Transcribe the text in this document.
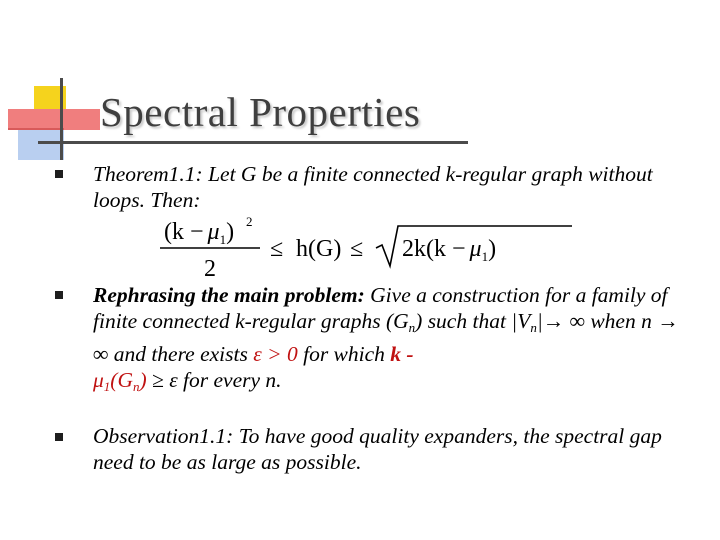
Spectral Properties
Theorem1.1: Let G be a finite connected k-regular graph without loops. Then:
$(k - \mu_1)$ 2
2
≤ $h(G) \le 2k(k - \mu_1)$
Rephrasing the main problem: Give a construction for a family of finite connected k-regular graphs (Gn) such that |Vn|→ ∞ when n → ∞ and there exists ε > 0 for which k -
μ1(Gn) ≥ ε for every n.
Observation1.1: To have good quality expanders, the spectral gap need to be as large as possible.
